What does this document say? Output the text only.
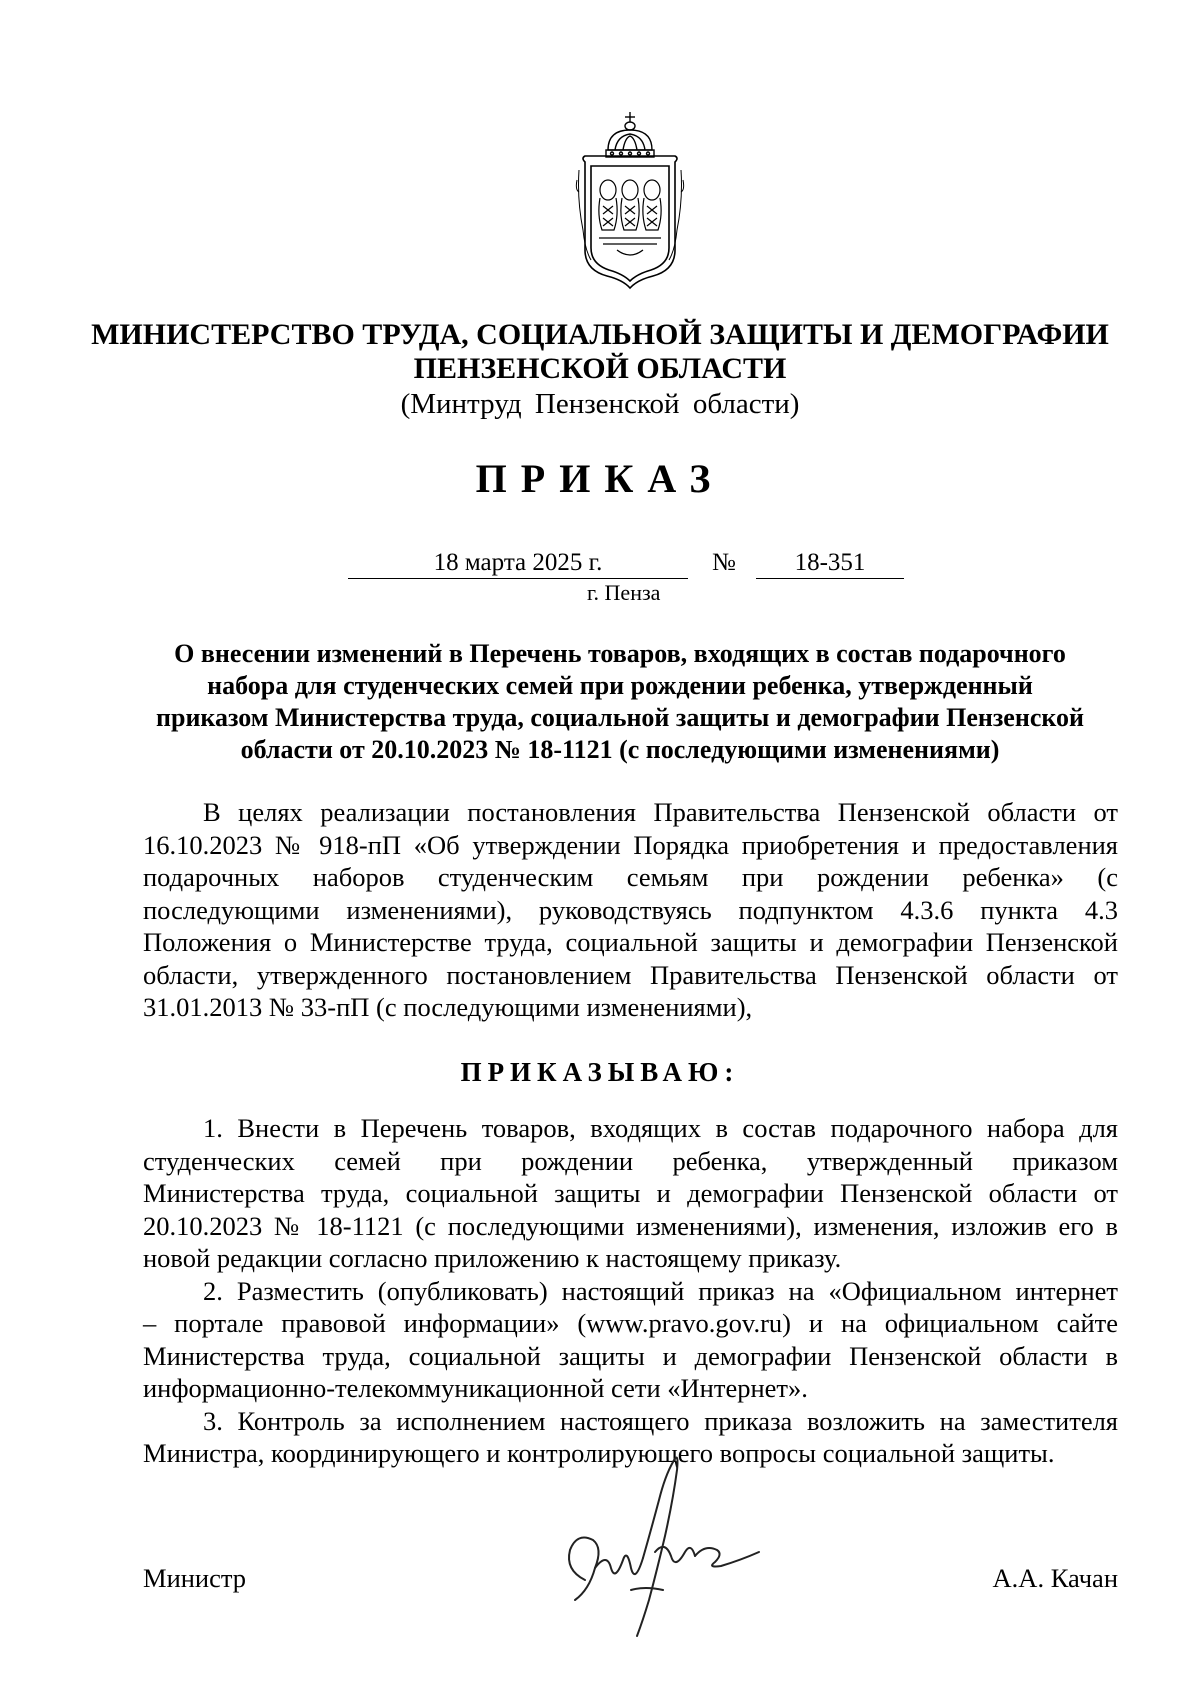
МИНИСТЕРСТВО ТРУДА, СОЦИАЛЬНОЙ ЗАЩИТЫ И ДЕМОГРАФИИ
ПЕНЗЕНСКОЙ ОБЛАСТИ
(Минтруд Пензенской области)
ПРИКАЗ
18 марта 2025 г.	№	18-351
г. Пенза
О внесении изменений в Перечень товаров, входящих в состав подарочного
набора для студенческих семей при рождении ребенка, утвержденный
приказом Министерства труда, социальной защиты и демографии Пензенской
области от 20.10.2023 № 18-1121 (с последующими изменениями)
В целях реализации постановления Правительства Пензенской области от
16.10.2023 № 918-пП «Об утверждении Порядка приобретения и предоставления
подарочных наборов студенческим семьям при рождении ребенка» (с
последующими изменениями), руководствуясь подпунктом 4.3.6 пункта 4.3
Положения о Министерстве труда, социальной защиты и демографии Пензенской
области, утвержденного постановлением Правительства Пензенской области от
31.01.2013 № 33-пП (с последующими изменениями),
ПРИКАЗЫВАЮ:
1. Внести в Перечень товаров, входящих в состав подарочного набора для
студенческих семей при рождении ребенка, утвержденный приказом
Министерства труда, социальной защиты и демографии Пензенской области от
20.10.2023 № 18-1121 (с последующими изменениями), изменения, изложив его в
новой редакции согласно приложению к настоящему приказу.
2. Разместить (опубликовать) настоящий приказ на «Официальном интернет
– портале правовой информации» (www.pravo.gov.ru) и на официальном сайте
Министерства труда, социальной защиты и демографии Пензенской области в
информационно-телекоммуникационной сети «Интернет».
3. Контроль за исполнением настоящего приказа возложить на заместителя
Министра, координирующего и контролирующего вопросы социальной защиты.
Министр	А.А. Качан
